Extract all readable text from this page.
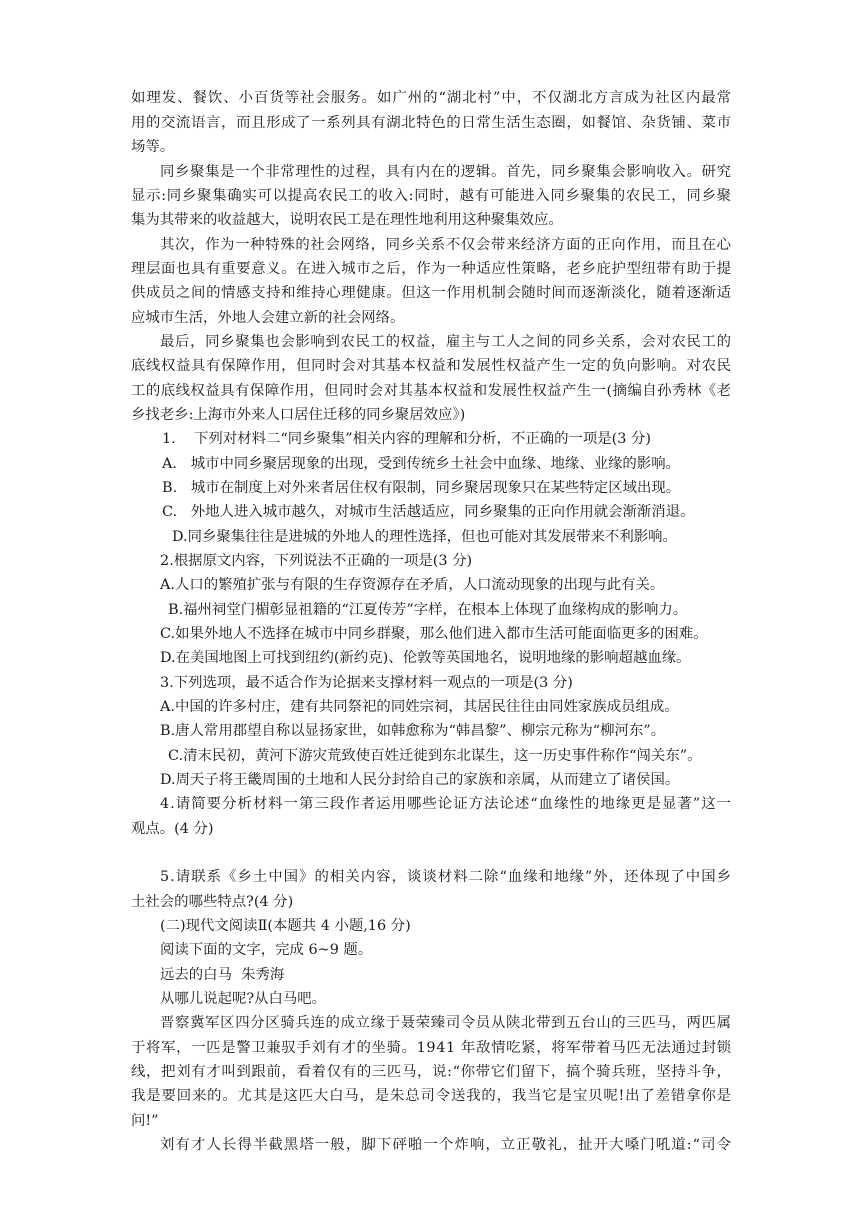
如理发、餐饮、小百货等社会服务。如广州的“湖北村”中，不仅湖北方言成为社区内最常
用的交流语言，而且形成了一系列具有湖北特色的日常生活生态圈，如餐馆、杂货铺、菜市
场等。
同乡聚集是一个非常理性的过程，具有内在的逻辑。首先，同乡聚集会影响收入。研究
显示:同乡聚集确实可以提高农民工的收入:同时，越有可能进入同乡聚集的农民工，同乡聚
集为其带来的收益越大，说明农民工是在理性地利用这种聚集效应。
其次，作为一种特殊的社会网络，同乡关系不仅会带来经济方面的正向作用，而且在心
理层面也具有重要意义。在进入城市之后，作为一种适应性策略，老乡庇护型纽带有助于提
供成员之间的情感支持和维持心理健康。但这一作用机制会随时间而逐渐淡化，随着逐渐适
应城市生活，外地人会建立新的社会网络。
最后，同乡聚集也会影响到农民工的权益，雇主与工人之间的同乡关系，会对农民工的
底线权益具有保障作用，但同时会对其基本权益和发展性权益产生一定的负向影响。对农民
工的底线权益具有保障作用，但同时会对其基本权益和发展性权益产生一(摘编自孙秀林《老
乡找老乡:上海市外来人口居住迁移的同乡聚居效应》)
1.    下列对材料二“同乡聚集”相关内容的理解和分析，不正确的一项是(3 分)
A.   城市中同乡聚居现象的出现，受到传统乡土社会中血缘、地缘、业缘的影响。
B.   城市在制度上对外来者居住权有限制，同乡聚居现象只在某些特定区域出现。
C.   外地人进入城市越久，对城市生活越适应，同乡聚集的正向作用就会渐渐消退。
D.同乡聚集往往是进城的外地人的理性选择，但也可能对其发展带来不利影响。
2.根据原文内容，下列说法不正确的一项是(3 分)
A.人口的繁殖扩张与有限的生存资源存在矛盾，人口流动现象的出现与此有关。
B.福州祠堂门楣彰显祖籍的“江夏传芳”字样，在根本上体现了血缘构成的影响力。
C.如果外地人不选择在城市中同乡群聚，那么他们进入都市生活可能面临更多的困难。
D.在美国地图上可找到纽约(新约克)、伦敦等英国地名，说明地缘的影响超越血缘。
3.下列选项，最不适合作为论据来支撑材料一观点的一项是(3 分)
A.中国的许多村庄，建有共同祭祀的同姓宗祠，其居民往往由同姓家族成员组成。
B.唐人常用郡望自称以显扬家世，如韩愈称为“韩昌黎”、柳宗元称为“柳河东”。
C.清末民初，黄河下游灾荒致使百姓迁徙到东北谋生，这一历史事件称作“闯关东”。
D.周天子将王畿周围的土地和人民分封给自己的家族和亲属，从而建立了诸侯国。
4.请简要分析材料一第三段作者运用哪些论证方法论述“血缘性的地缘更是显著”这一
观点。(4 分)
5.请联系《乡土中国》的相关内容，谈谈材料二除“血缘和地缘”外，还体现了中国乡
土社会的哪些特点?(4 分)
(二)现代文阅读Ⅱ(本题共 4 小题,16 分)
阅读下面的文字，完成 6~9 题。
远去的白马  朱秀海
从哪儿说起呢?从白马吧。
晋察冀军区四分区骑兵连的成立缘于聂荣臻司令员从陕北带到五台山的三匹马，两匹属
于将军，一匹是警卫兼驭手刘有才的坐骑。1941 年敌情吃紧，将军带着马匹无法通过封锁
线，把刘有才叫到跟前，看着仅有的三匹马，说:“你带它们留下，搞个骑兵班，坚持斗争，
我是要回来的。尤其是这匹大白马，是朱总司令送我的，我当它是宝贝呢!出了差错拿你是
问!”
刘有才人长得半截黑塔一般，脚下砰啪一个炸响，立正敬礼，扯开大嗓门吼道:“司令
